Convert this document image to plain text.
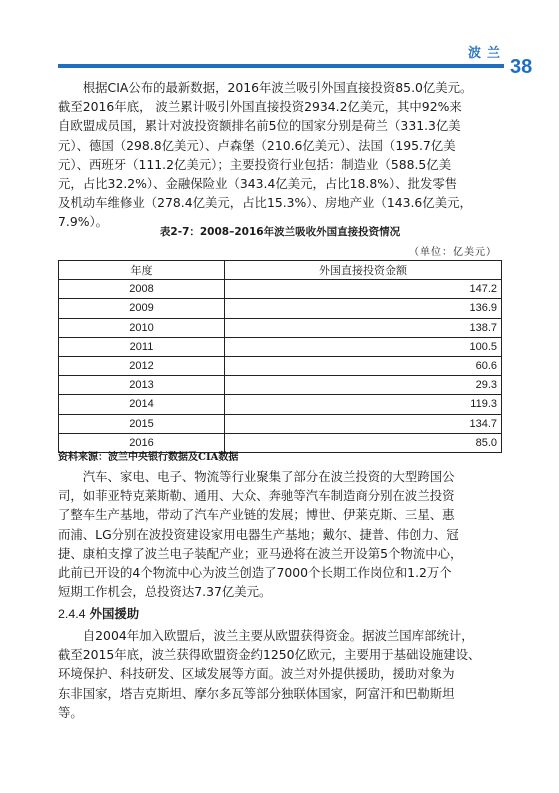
波兰
38

　　根据CIA公布的最新数据，2016年波兰吸引外国直接投资85.0亿美元。
截至2016年底， 波兰累计吸引外国直接投资2934.2亿美元，其中92%来
自欧盟成员国，累计对波投资额排名前5位的国家分别是荷兰（331.3亿美
元）、德国（298.8亿美元）、卢森堡（210.6亿美元）、法国（195.7亿美
元）、西班牙（111.2亿美元）；主要投资行业包括：制造业（588.5亿美
元，占比32.2%）、金融保险业（343.4亿美元，占比18.8%）、批发零售
及机动车维修业（278.4亿美元，占比15.3%）、房地产业（143.6亿美元，
7.9%）。

表2-7：2008–2016年波兰吸收外国直接投资情况
（单位：亿美元）
年度	外国直接投资金额
2008	147.2
2009	136.9
2010	138.7
2011	100.5
2012	60.6
2013	29.3
2014	119.3
2015	134.7
2016	85.0
资料来源：波兰中央银行数据及CIA数据

　　汽车、家电、电子、物流等行业聚集了部分在波兰投资的大型跨国公
司，如菲亚特克莱斯勒、通用、大众、奔驰等汽车制造商分别在波兰投资
了整车生产基地，带动了汽车产业链的发展；博世、伊莱克斯、三星、惠
而浦、LG分别在波投资建设家用电器生产基地；戴尔、捷普、伟创力、冠
捷、康柏支撑了波兰电子装配产业；亚马逊将在波兰开设第5个物流中心，
此前已开设的4个物流中心为波兰创造了7000个长期工作岗位和1.2万个
短期工作机会，总投资达7.37亿美元。

2.4.4 外国援助

　　自2004年加入欧盟后，波兰主要从欧盟获得资金。据波兰国库部统计，
截至2015年底，波兰获得欧盟资金约1250亿欧元，主要用于基础设施建设、
环境保护、科技研发、区域发展等方面。波兰对外提供援助，援助对象为
东非国家，塔吉克斯坦、摩尔多瓦等部分独联体国家，阿富汗和巴勒斯坦
等。
